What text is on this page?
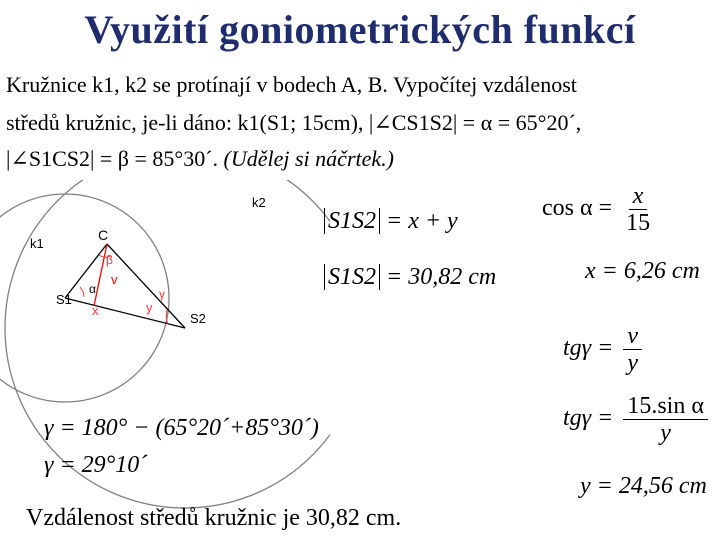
Využití goniometrických funkcí
Kružnice k1, k2 se protínají v bodech A, B. Vypočítej vzdálenost
středů kružnic, je-li dáno: k1(S1; 15cm), |∠CS1S2| = α = 65°20´,
|∠S1CS2| = β = 85°30´. (Udělej si náčrtek.)
k1
k2
C
S1
S2
β
α	γ
v
x	y
S1S2 = x + y
S1S2 = 30,82 cm
$\cos \alpha = \frac{x}{15}$
x = 6,26 cm
$tg\gamma = \frac{v}{y}$
$tg\gamma = \frac{\text{15.sin α}}{y}$
y = 24,56 cm
γ = 180° − (65°20´+85°30´)
γ = 29°10´
Vzdálenost středů kružnic je 30,82 cm.
